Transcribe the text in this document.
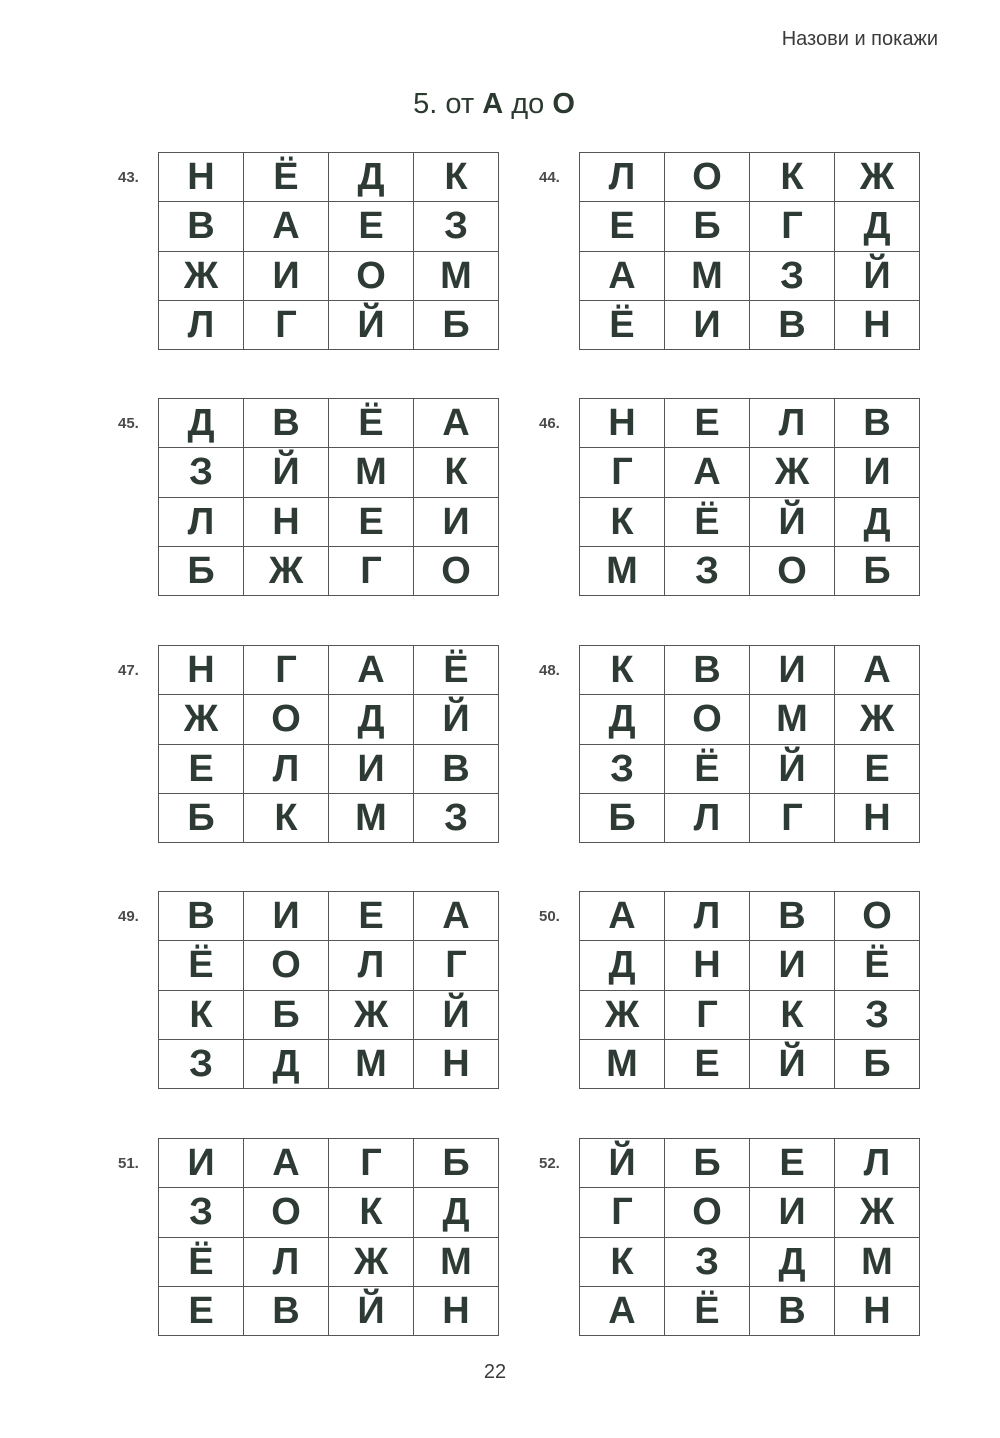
Назови и покажи
5. от А до О
43. Н	Ё	Д	К
В	А	Е	З
Ж	И	О	М
Л	Г	Й	Б
44. Л	О	К	Ж
Е	Б	Г	Д
А	М	З	Й
Ё	И	В	Н
45. Д	В	Ё	А
З	Й	М	К
Л	Н	Е	И
Б	Ж	Г	О
46. Н	Е	Л	В
Г	А	Ж	И
К	Ё	Й	Д
М	З	О	Б
47. Н	Г	А	Ё
Ж	О	Д	Й
Е	Л	И	В
Б	К	М	З
48. К	В	И	А
Д	О	М	Ж
З	Ё	Й	Е
Б	Л	Г	Н
49. В	И	Е	А
Ё	О	Л	Г
К	Б	Ж	Й
З	Д	М	Н
50. А	Л	В	О
Д	Н	И	Ё
Ж	Г	К	З
М	Е	Й	Б
51. И	А	Г	Б
З	О	К	Д
Ё	Л	Ж	М
Е	В	Й	Н
52. Й	Б	Е	Л
Г	О	И	Ж
К	З	Д	М
А	Ё	В	Н
22
